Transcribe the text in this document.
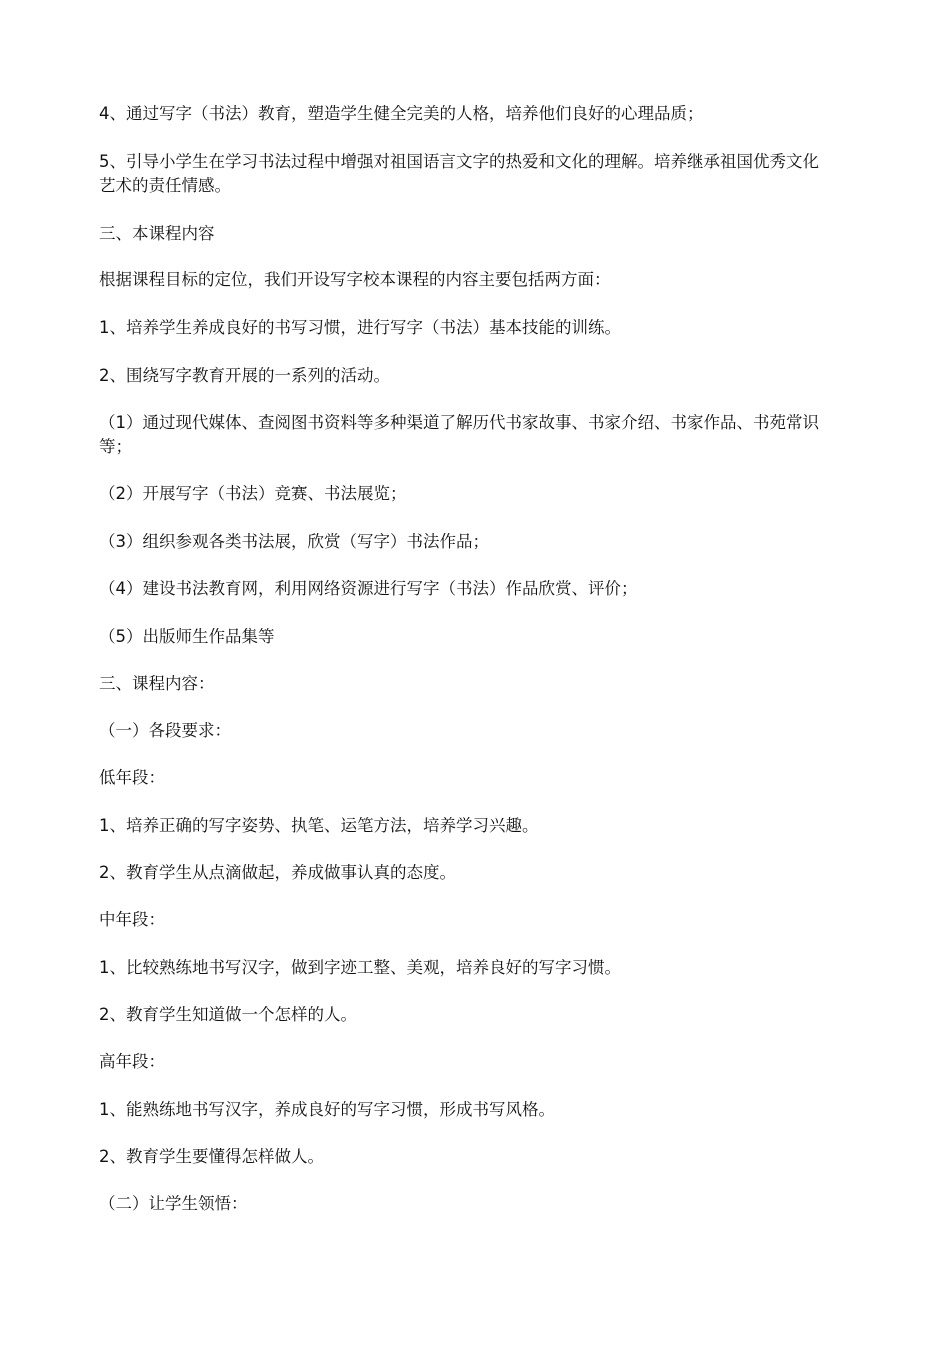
4、通过写字（书法）教育，塑造学生健全完美的人格，培养他们良好的心理品质；

5、引导小学生在学习书法过程中增强对祖国语言文字的热爱和文化的理解。培养继承祖国优秀文化艺术的责任情感。

三、本课程内容

根据课程目标的定位，我们开设写字校本课程的内容主要包括两方面：

1、培养学生养成良好的书写习惯，进行写字（书法）基本技能的训练。

2、围绕写字教育开展的一系列的活动。

（1）通过现代媒体、查阅图书资料等多种渠道了解历代书家故事、书家介绍、书家作品、书苑常识等；

（2）开展写字（书法）竞赛、书法展览；

（3）组织参观各类书法展，欣赏（写字）书法作品；

（4）建设书法教育网，利用网络资源进行写字（书法）作品欣赏、评价；

（5）出版师生作品集等

三、课程内容：

（一）各段要求：

低年段：

1、培养正确的写字姿势、执笔、运笔方法，培养学习兴趣。

2、教育学生从点滴做起，养成做事认真的态度。

中年段：

1、比较熟练地书写汉字，做到字迹工整、美观，培养良好的写字习惯。

2、教育学生知道做一个怎样的人。

高年段：

1、能熟练地书写汉字，养成良好的写字习惯，形成书写风格。

2、教育学生要懂得怎样做人。

（二）让学生领悟：
